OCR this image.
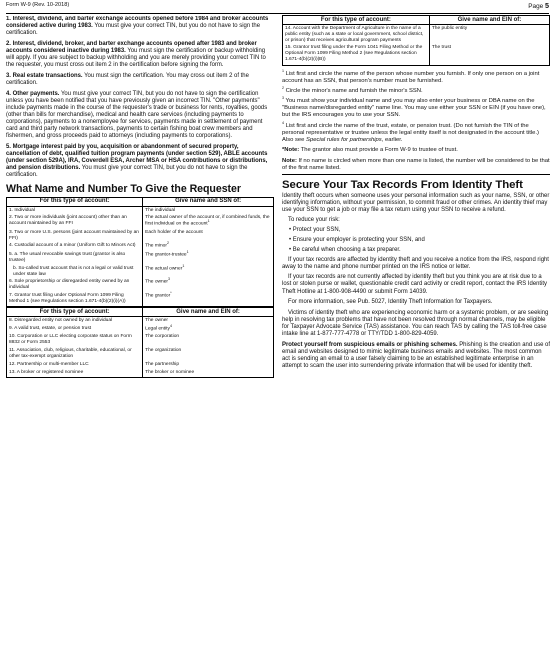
Form W-9 (Rev. 10-2018)	Page 5

1. Interest, dividend, and barter exchange accounts opened before 1984 and broker accounts considered active during 1983. You must give your correct TIN, but you do not have to sign the certification.

2. Interest, dividend, broker, and barter exchange accounts opened after 1983 and broker accounts considered inactive during 1983. You must sign the certification or backup withholding will apply. If you are subject to backup withholding and you are merely providing your correct TIN to the requester, you must cross out item 2 in the certification before signing the form.

3. Real estate transactions. You must sign the certification. You may cross out item 2 of the certification.

4. Other payments. You must give your correct TIN, but you do not have to sign the certification unless you have been notified that you have previously given an incorrect TIN. "Other payments" include payments made in the course of the requester's trade or business for rents, royalties, goods (other than bills for merchandise), medical and health care services (including payments to corporations), payments to a nonemployee for services, payments made in settlement of payment card and third party network transactions, payments to certain fishing boat crew members and fishermen, and gross proceeds paid to attorneys (including payments to corporations).

5. Mortgage interest paid by you, acquisition or abandonment of secured property, cancellation of debt, qualified tuition program payments (under section 529), ABLE accounts (under section 529A), IRA, Coverdell ESA, Archer MSA or HSA contributions or distributions, and pension distributions. You must give your correct TIN, but you do not have to sign the certification.

What Name and Number To Give the Requester
For this type of account:	Give name and SSN of:
1. Individual	The individual
2. Two or more individuals (joint account) other than an account maintained by an FFI	The actual owner of the account or, if combined funds, the first individual on the account$^1$
3. Two or more U.S. persons (joint account maintained by an FFI)	Each holder of the account
4. Custodial account of a minor (Uniform Gift to Minors Act)	The minor$^2$
5. a. The usual revocable savings trust (grantor is also trustee)	The grantor-trustee$^1$
b. So-called trust account that is not a legal or valid trust under state law	The actual owner$^1$
6. Sole proprietorship or disregarded entity owned by an individual	The owner$^3$
7. Grantor trust filing under Optional Form 1099 Filing Method 1 (see Regulations section 1.671-4(b)(2)(i)(A))	The grantor*
For this type of account:	Give name and EIN of:
8. Disregarded entity not owned by an individual	The owner
9. A valid trust, estate, or pension trust	Legal entity$^4$
10. Corporation or LLC electing corporate status on Form 8832 or Form 2553	The corporation
11. Association, club, religious, charitable, educational, or other tax-exempt organization	The organization
12. Partnership or multi-member LLC	The partnership
13. A broker or registered nominee	The broker or nominee
For this type of account:	Give name and EIN of:
14. Account with the Department of Agriculture in the name of a public entity (such as a state or local government, school district, or prison) that receives agricultural program payments	The public entity
15. Grantor trust filing under the Form 1041 Filing Method or the Optional Form 1099 Filing Method 2 (see Regulations section 1.671-4(b)(2)(i)(B))	The trust

$^1$ List first and circle the name of the person whose number you furnish. If only one person on a joint account has an SSN, that person's number must be furnished.

$^2$ Circle the minor's name and furnish the minor's SSN.

$^3$ You must show your individual name and you may also enter your business or DBA name on the "Business name/disregarded entity" name line. You may use either your SSN or EIN (if you have one), but the IRS encourages you to use your SSN.

$^4$ List first and circle the name of the trust, estate, or pension trust. (Do not furnish the TIN of the personal representative or trustee unless the legal entity itself is not designated in the account title.) Also see Special rules for partnerships, earlier.

*Note: The grantor also must provide a Form W-9 to trustee of trust.

Note: If no name is circled when more than one name is listed, the number will be considered to be that of the first name listed.

Secure Your Tax Records From Identity Theft

Identity theft occurs when someone uses your personal information such as your name, SSN, or other identifying information, without your permission, to commit fraud or other crimes. An identity thief may use your SSN to get a job or may file a tax return using your SSN to receive a refund.

To reduce your risk:

• Protect your SSN,
• Ensure your employer is protecting your SSN, and
• Be careful when choosing a tax preparer.

If your tax records are affected by identity theft and you receive a notice from the IRS, respond right away to the name and phone number printed on the IRS notice or letter.

If your tax records are not currently affected by identity theft but you think you are at risk due to a lost or stolen purse or wallet, questionable credit card activity or credit report, contact the IRS Identity Theft Hotline at 1-800-908-4490 or submit Form 14039.

For more information, see Pub. 5027, Identity Theft Information for Taxpayers.

Victims of identity theft who are experiencing economic harm or a systemic problem, or are seeking help in resolving tax problems that have not been resolved through normal channels, may be eligible for Taxpayer Advocate Service (TAS) assistance. You can reach TAS by calling the TAS toll-free case intake line at 1-877-777-4778 or TTY/TDD 1-800-829-4059.

Protect yourself from suspicious emails or phishing schemes. Phishing is the creation and use of email and websites designed to mimic legitimate business emails and websites. The most common act is sending an email to a user falsely claiming to be an established legitimate enterprise in an attempt to scam the user into surrendering private information that will be used for identity theft.
